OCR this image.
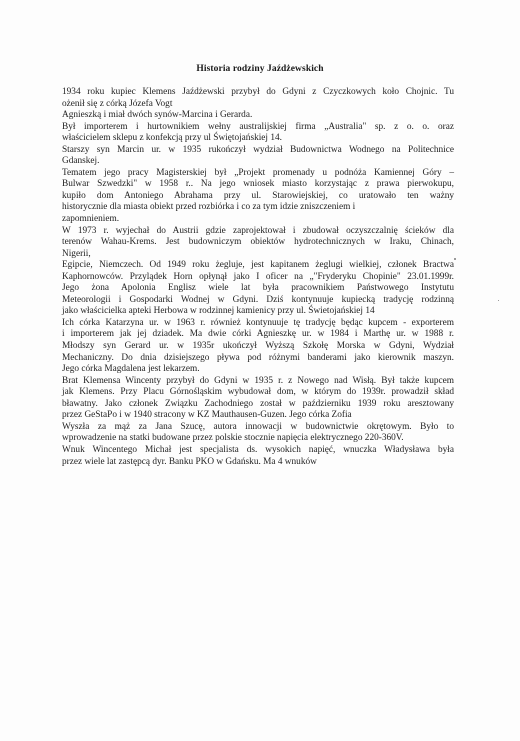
Historia rodziny Jaźdżewskich
1934 roku kupiec Klemens Jaźdżewski przybył do Gdyni z Czyczkowych koło Chojnic. Tu
ożenił się z córką Józefa Vogt
Agnieszką i miał dwóch synów-Marcina i Gerarda.
Był importerem i hurtownikiem wełny australijskiej firma „Australia" sp. z o. o. oraz
właścicielem sklepu z konfekcją przy ul Świętojańskiej 14.
Starszy syn Marcin ur. w 1935 rukończył wydział Budownictwa Wodnego na Politechnice
Gdanskej.
Tematem jego pracy Magisterskiej był „Projekt promenady u podnóża Kamiennej Góry –
Bulwar Szwedzki" w 1958 r.. Na jego wniosek miasto korzystając z prawa pierwokupu,
kupiło dom Antoniego Abrahama przy ul. Starowiejskiej, co uratowało ten ważny
historycznie dla miasta obiekt przed rozbiórka i co za tym idzie zniszczeniem i
zapomnieniem.
W 1973 r. wyjechał do Austrii gdzie zaprojektował i zbudował oczyszczalnię ścieków dla
terenów Wahau-Krems. Jest budowniczym obiektów hydrotechnicznych w Iraku, Chinach,
Nigerii,
Egipcie, Niemczech. Od 1949 roku żegluje, jest kapitanem żeglugi wielkiej, członek Bractwa
Kaphornowców. Przylądek Horn opłynął jako I oficer na „"Fryderyku Chopinie" 23.01.1999r.
Jego żona Apolonia Englisz wiele lat była pracownikiem Państwowego Instytutu
Meteorologii i Gospodarki Wodnej w Gdyni. Dziś kontynuuje kupiecką tradycję rodzinną
jako właścicielka apteki Herbowa w rodzinnej kamienicy przy ul. Świetojańskiej 14
Ich córka Katarzyna ur. w 1963 r. również kontynuuje tę tradycję będąc kupcem - exporterem
i importerem jak jej dziadek. Ma dwie córki Agnieszkę ur. w 1984 i Marthę ur. w 1988 r.
Młodszy syn Gerard ur. w 1935r ukończył Wyższą Szkołę Morska w Gdyni, Wydział
Mechaniczny. Do dnia dzisiejszego pływa pod różnymi banderami jako kierownik maszyn.
Jego córka Magdalena jest lekarzem.
Brat Klemensa Wincenty przybył do Gdyni w 1935 r. z Nowego nad Wisłą. Był także kupcem
jak Klemens. Przy Placu Górnośląskim wybudował dom, w którym do 1939r. prowadził skład
bławatny. Jako członek Związku Zachodniego został w październiku 1939 roku aresztowany
przez GeStaPo i w 1940 stracony w KZ Mauthausen-Guzen. Jego córka Zofia
Wyszła za mąż za Jana Szucę, autora innowacji w budownictwie okrętowym. Było to
wprowadzenie na statki budowane przez polskie stocznie napięcia elektrycznego 220-360V.
Wnuk Wincentego Michał jest specjalista ds. wysokich napięć, wnuczka Władysława była
przez wiele lat zastępcą dyr. Banku PKO w Gdańsku. Ma 4 wnuków
